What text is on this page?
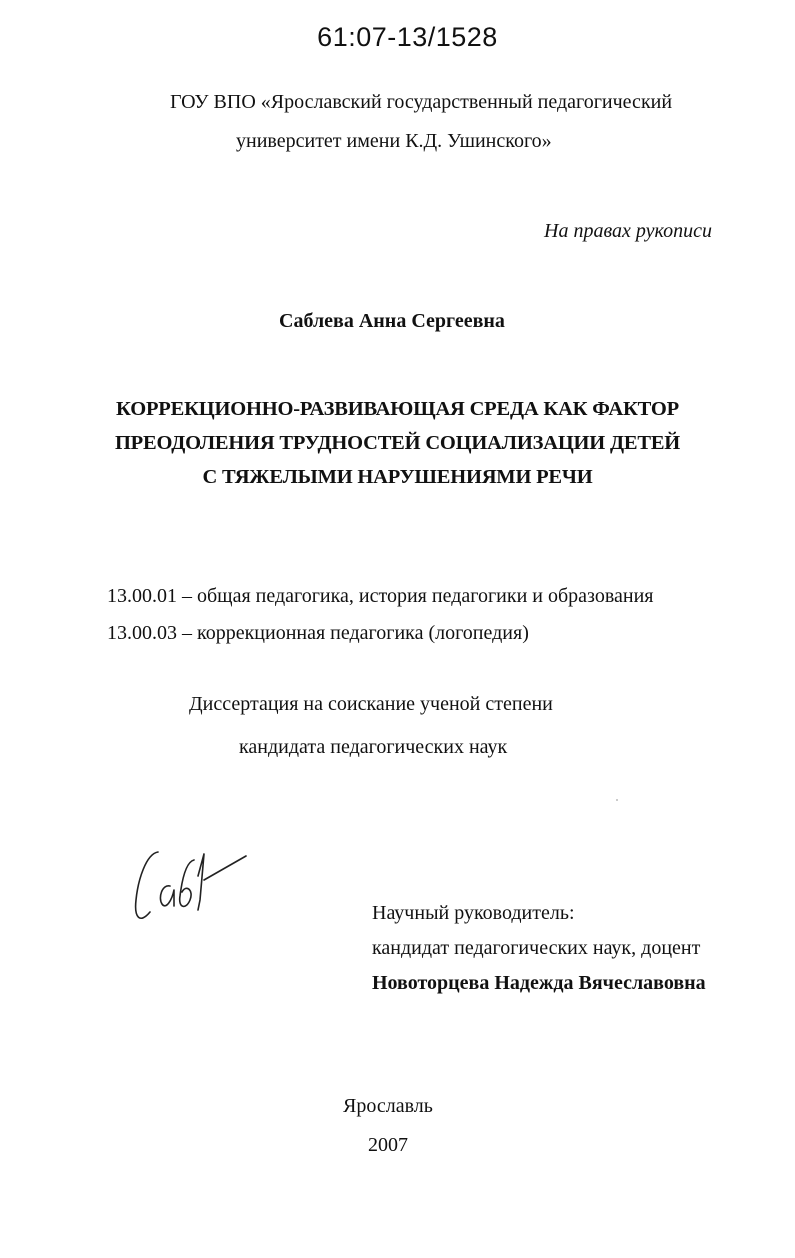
61:07-13/1528
ГОУ ВПО «Ярославский государственный педагогический
университет имени К.Д. Ушинского»
На правах рукописи
Саблева Анна Сергеевна
КОРРЕКЦИОННО-РАЗВИВАЮЩАЯ СРЕДА КАК ФАКТОР
ПРЕОДОЛЕНИЯ ТРУДНОСТЕЙ СОЦИАЛИЗАЦИИ ДЕТЕЙ
С ТЯЖЕЛЫМИ НАРУШЕНИЯМИ РЕЧИ
13.00.01 – общая педагогика, история педагогики и образования
13.00.03 – коррекционная педагогика (логопедия)
Диссертация на соискание ученой степени
кандидата педагогических наук
Научный руководитель:
кандидат педагогических наук, доцент
Новоторцева Надежда Вячеславовна
Ярославль
2007
